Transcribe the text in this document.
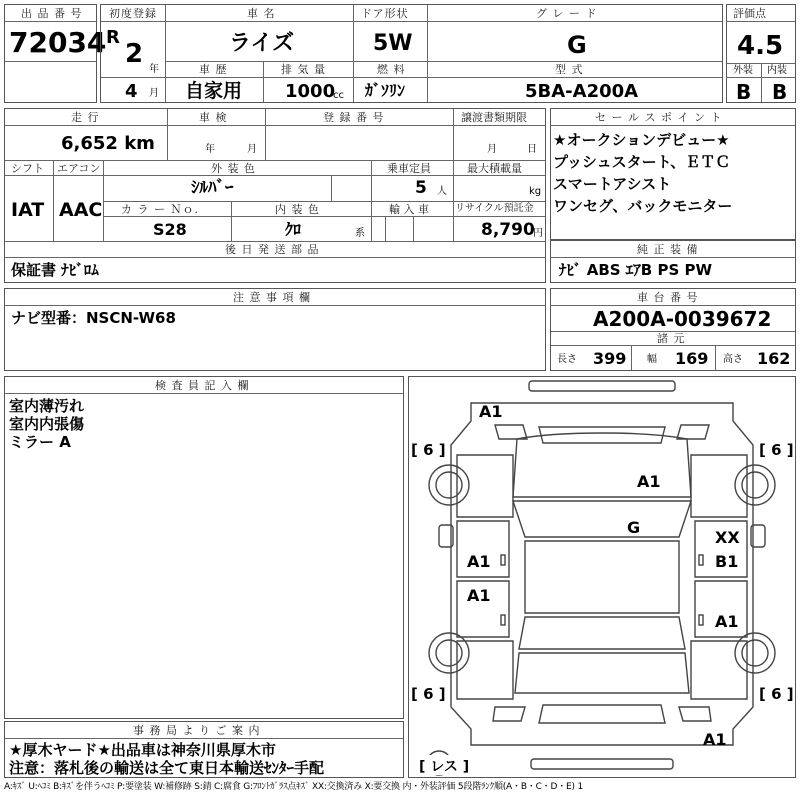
出 品 番 号
72034
初度登録
R
2
年
4 月
車 名
ライズ
ドア形状
5W
グ レ ー ド
G
車 歴
自家用
排 気 量
1000
cc
燃 料
ｶﾞｿﾘﾝ
型 式
5BA-A200A
評価点
4.5
外装 内装
B B
走 行
6,652 km
車 検
年	月
登 録 番 号	譲渡書類期限
月	日
シフト
IAT
エアコン
AAC
外 装 色
ｼﾙﾊﾞｰ
乗車定員
5 人
最大積載量
kg
カ ラ ー Ｎｏ.
S28
内 装 色
ｸﾛ	系
輸 入 車	リサイクル預託金
8,790
円
後 日 発 送 部 品
保証書 ﾅﾋﾞﾛﾑ
セ ー ル ス ポ イ ン ト
★オークションデビュー★
プッシュスタート、ＥＴＣ
スマートアシスト
ワンセグ、バックモニター
純 正 装 備
ﾅﾋﾞ ABS ｴｱB PS PW
注 意 事 項 欄
ナビ型番：NSCN-W68
車 台 番 号
A200A-0039672
諸 元
長さ 399 幅 169 高さ 162
検 査 員 記 入 欄
室内薄汚れ
室内内張傷
ミラー A
事 務 局 よ り ご 案 内
★厚木ヤード★出品車は神奈川県厚木市
注意：落札後の輸送は全て東日本輸送ｾﾝﾀｰ手配
[ 6 ]	[ 6 ]
[ 6 ]	[ 6 ]
[ レス ]
A1
A1
G
A1
A1
XX
B1
A1
A1
A:ｷｽﾞ U:ﾍｺﾐ B:ｷｽﾞを伴うﾍｺﾐ P:要塗装 W:補修跡 S:錆 C:腐食 G:ﾌﾛﾝﾄｶﾞﾗｽ点ｷｽﾞ XX:交換済み X:要交換 内・外装評価 5段階ﾗﾝｸ順(A・B・C・D・E) 1
